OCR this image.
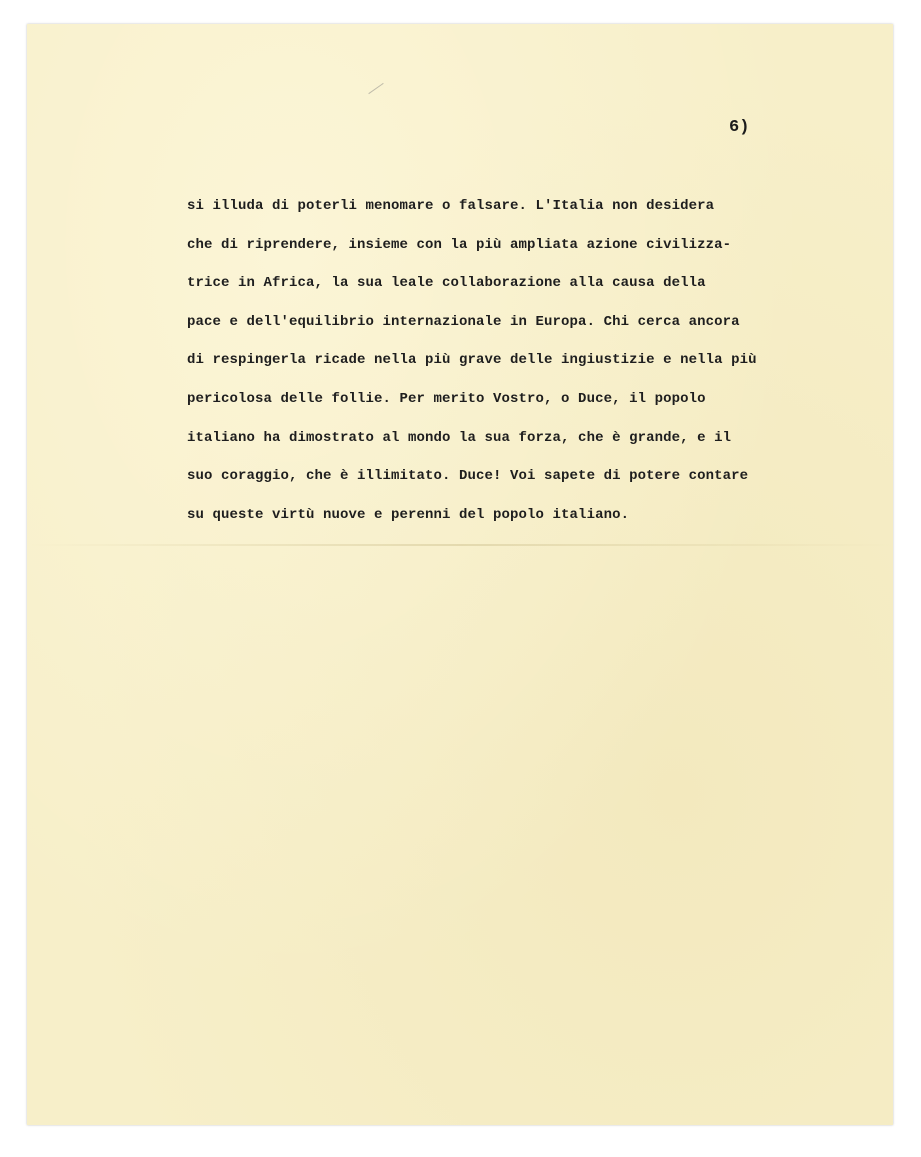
6)

si illuda di poterli menomare o falsare. L'Italia non desidera
che di riprendere, insieme con la più ampliata azione civilizza-
trice in Africa, la sua leale collaborazione alla causa della
pace e dell'equilibrio internazionale in Europa. Chi cerca ancora
di respingerla ricade nella più grave delle ingiustizie e nella più
pericolosa delle follie. Per merito Vostro, o Duce, il popolo
italiano ha dimostrato al mondo la sua forza, che è grande, e il
suo coraggio, che è illimitato. Duce! Voi sapete di potere contare
su queste virtù nuove e perenni del popolo italiano.
